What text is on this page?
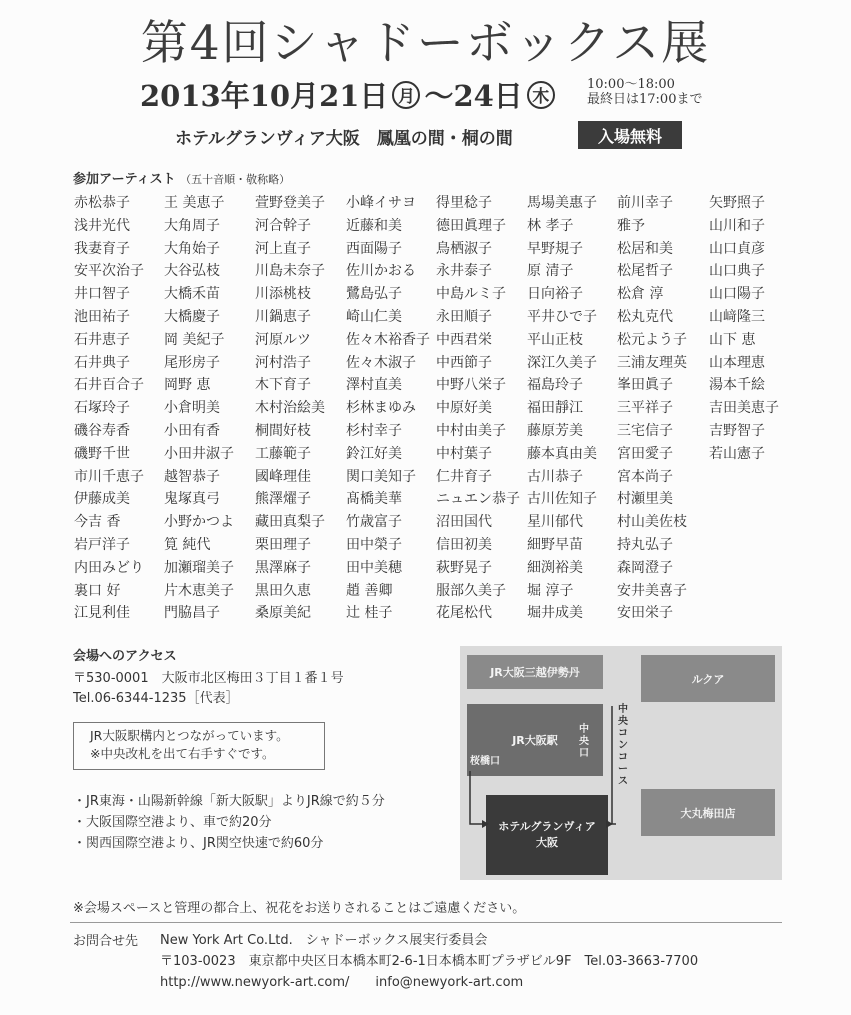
第4回シャドーボックス展
2013年10月21日 月 〜24日 木
10:00〜18:00
最終日は17:00まで
ホテルグランヴィア大阪　鳳凰の間・桐の間	入場無料
参加アーティスト （五十音順・敬称略）
赤松恭子
浅井光代
我妻育子
安平次治子
井口智子
池田祐子
石井恵子
石井典子
石井百合子
石塚玲子
磯谷寿香
磯野千世
市川千恵子
伊藤成美
今吉 香
岩戸洋子
内田みどり
裏口 好
江見利佳
王 美恵子
大角周子
大角始子
大谷弘枝
大橋禾苗
大橋慶子
岡 美紀子
尾形房子
岡野 恵
小倉明美
小田有香
小田井淑子
越智恭子
鬼塚真弓
小野かつよ
筧 純代
加瀬瑠美子
片木恵美子
門脇昌子
萱野登美子
河合幹子
河上直子
川島未奈子
川添桃枝
川鍋恵子
河原ルツ
河村浩子
木下育子
木村治絵美
桐間好枝
工藤範子
國峰理佳
熊澤燿子
藏田真梨子
栗田理子
黒澤麻子
黒田久恵
桑原美紀
小峰イサヨ
近藤和美
西面陽子
佐川かおる
鷺島弘子
崎山仁美
佐々木裕香子
佐々木淑子
澤村直美
杉林まゆみ
杉村幸子
鈴江好美
関口美知子
髙橋美華
竹歳富子
田中榮子
田中美穂
趙 善卿
辻 桂子
得里稔子
德田眞理子
鳥栖淑子
永井泰子
中島ルミ子
永田順子
中西君栄
中西節子
中野八栄子
中原好美
中村由美子
中村葉子
仁井育子
ニュエン恭子
沼田国代
信田初美
萩野晃子
服部久美子
花尾松代
馬場美惠子
林 孝子
早野規子
原 清子
日向裕子
平井ひで子
平山正枝
深江久美子
福島玲子
福田靜江
藤原芳美
藤本真由美
古川恭子
古川佐知子
星川郁代
細野早苗
細渕裕美
堀 淳子
堀井成美
前川幸子
雅予
松居和美
松尾哲子
松倉 淳
松丸克代
松元よう子
三浦友理英
峯田眞子
三平祥子
三宅信子
宮田愛子
宮本尚子
村瀬里美
村山美佐枝
持丸弘子
森岡澄子
安井美喜子
安田栄子
矢野照子
山川和子
山口貞彦
山口典子
山口陽子
山﨑隆三
山下 恵
山本理恵
湯本千絵
吉田美恵子
吉野智子
若山憲子
会場へのアクセス
〒530-0001　大阪市北区梅田３丁目１番１号
Tel.06-6344-1235［代表］
JR大阪駅構内とつながっています。
※中央改札を出て右手すぐです。
・JR東海・山陽新幹線「新大阪駅」よりJR線で約５分
・大阪国際空港より、車で約20分
・関西国際空港より、JR関空快速で約60分
JR大阪三越伊勢丹	ルクア
JR大阪駅
桜橋口
中央口
中央コンコース
ホテルグランヴィア大阪
大丸梅田店
※会場スペースと管理の都合上、祝花をお送りされることはご遠慮ください。
お問合せ先 New York Art Co.Ltd.　シャドーボックス展実行委員会
〒103-0023　東京都中央区日本橋本町2-6-1日本橋本町プラザビル9F　Tel.03-3663-7700
http://www.newyork-art.com/　　info@newyork-art.com
